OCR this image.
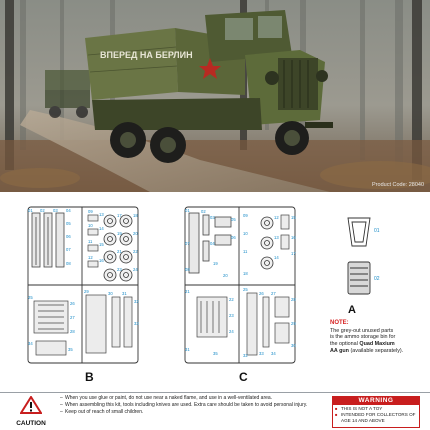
ВПЕРЕД НА БЕРЛИН
Product Code: 28040
01 02 03 04
05
06
07
08
09
10
11
12
13
14
15
16
17	18
19	20
21	22
23	24
25
26
27
28
29	30 31
32
33
34
35
B
01	02
03
04
05
06
07
08
09
10
11
12
13
14
15
16
17
18
19
20
21
22
23
24
25
26 27
28
29
30
31
32	33 34
35
C
01
02
A
NOTE:
The grey-out unused parts
is the ammo storage bin for
the optional Quad Maxium
AA gun (available separately).
CAUTION
– When you use glue or paint, do not use near a naked flame, and use in a well-ventilated area.
– When assembling this kit, tools including knives are used. Extra care should be taken to avoid personal injury.
– Keep out of reach of small children.
WARNING
■ THIS IS NOT A TOY
■ INTENDED FOR COLLECTORS OF AGE 14 AND ABOVE
